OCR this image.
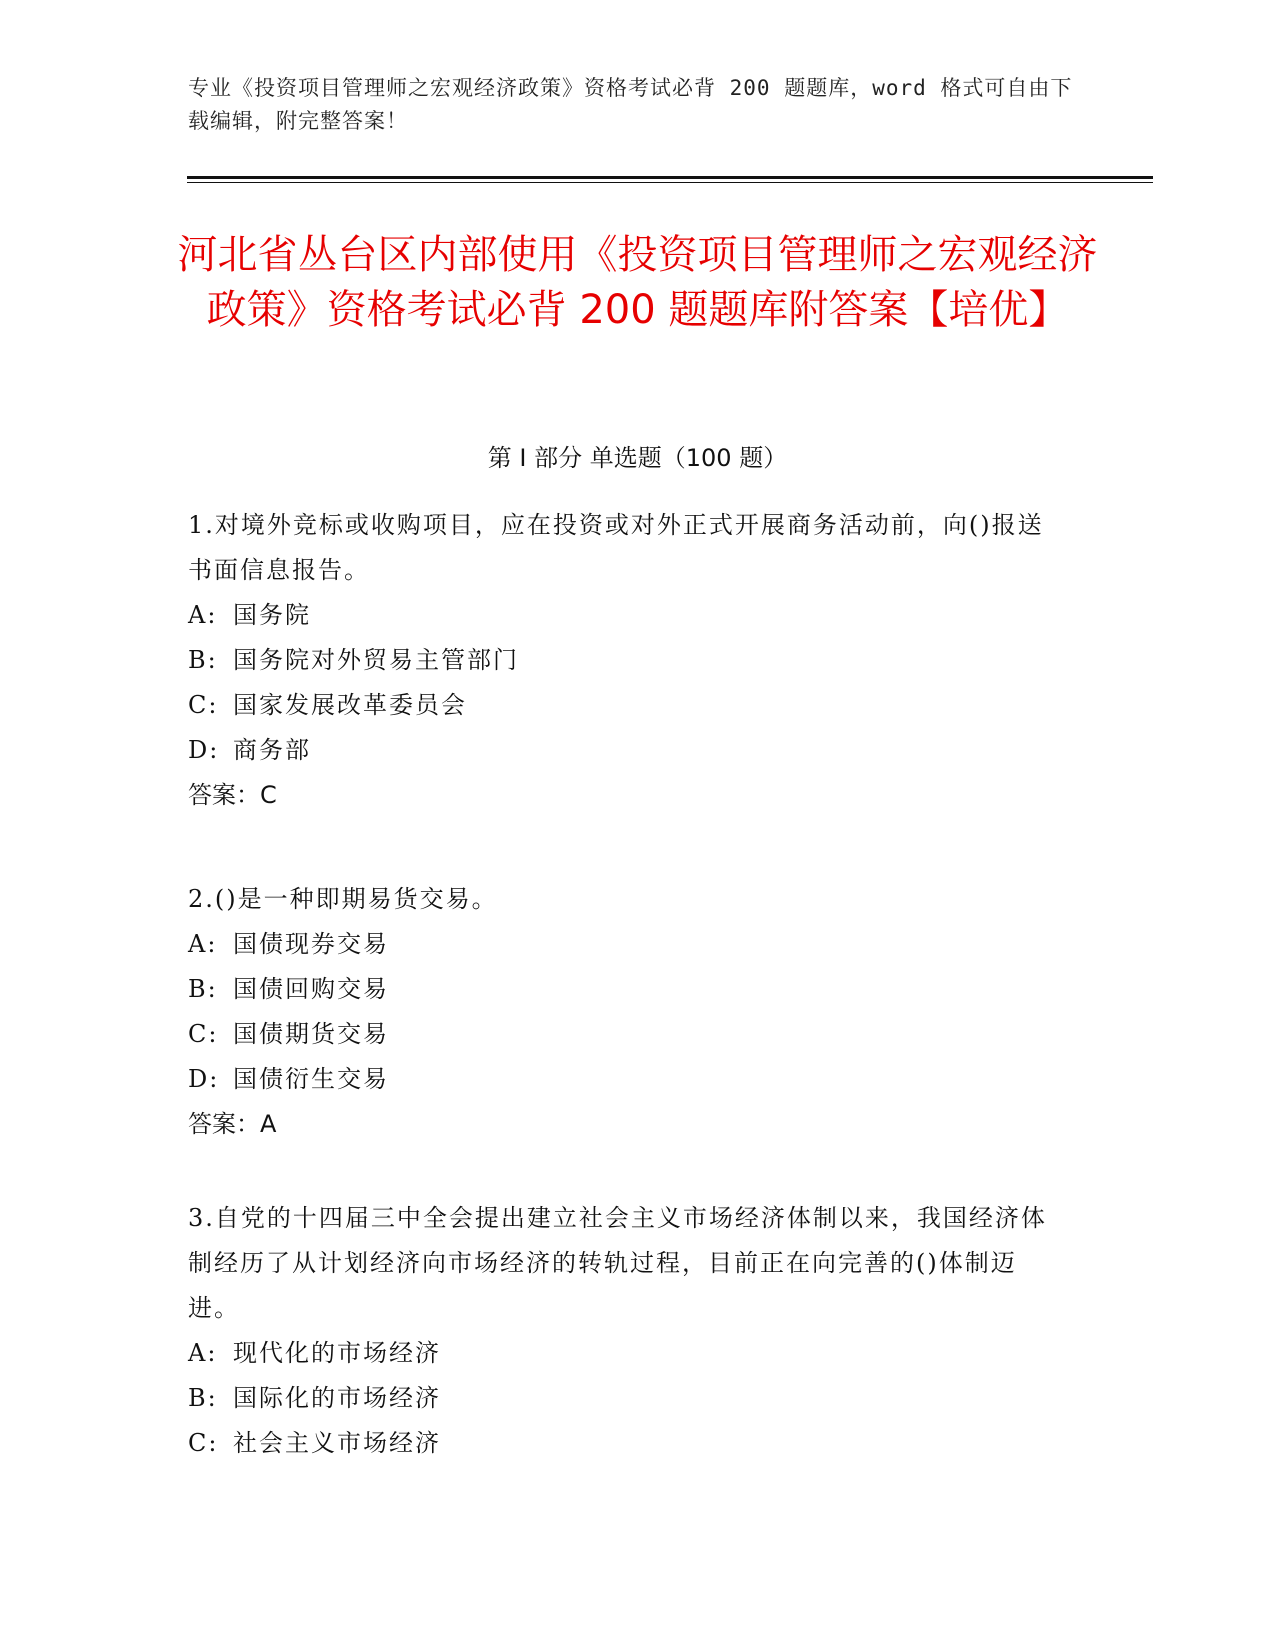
专业《投资项目管理师之宏观经济政策》资格考试必背 200 题题库，word 格式可自由下载编辑，附完整答案！
河北省丛台区内部使用《投资项目管理师之宏观经济政策》资格考试必背 200 题题库附答案【培优】
第 I 部分 单选题（100 题）
1.对境外竞标或收购项目，应在投资或对外正式开展商务活动前，向()报送书面信息报告。
A: 国务院
B: 国务院对外贸易主管部门
C: 国家发展改革委员会
D: 商务部
答案：C
2.()是一种即期易货交易。
A: 国债现券交易
B: 国债回购交易
C: 国债期货交易
D: 国债衍生交易
答案：A
3.自党的十四届三中全会提出建立社会主义市场经济体制以来，我国经济体制经历了从计划经济向市场经济的转轨过程，目前正在向完善的()体制迈进。
A: 现代化的市场经济
B: 国际化的市场经济
C: 社会主义市场经济
